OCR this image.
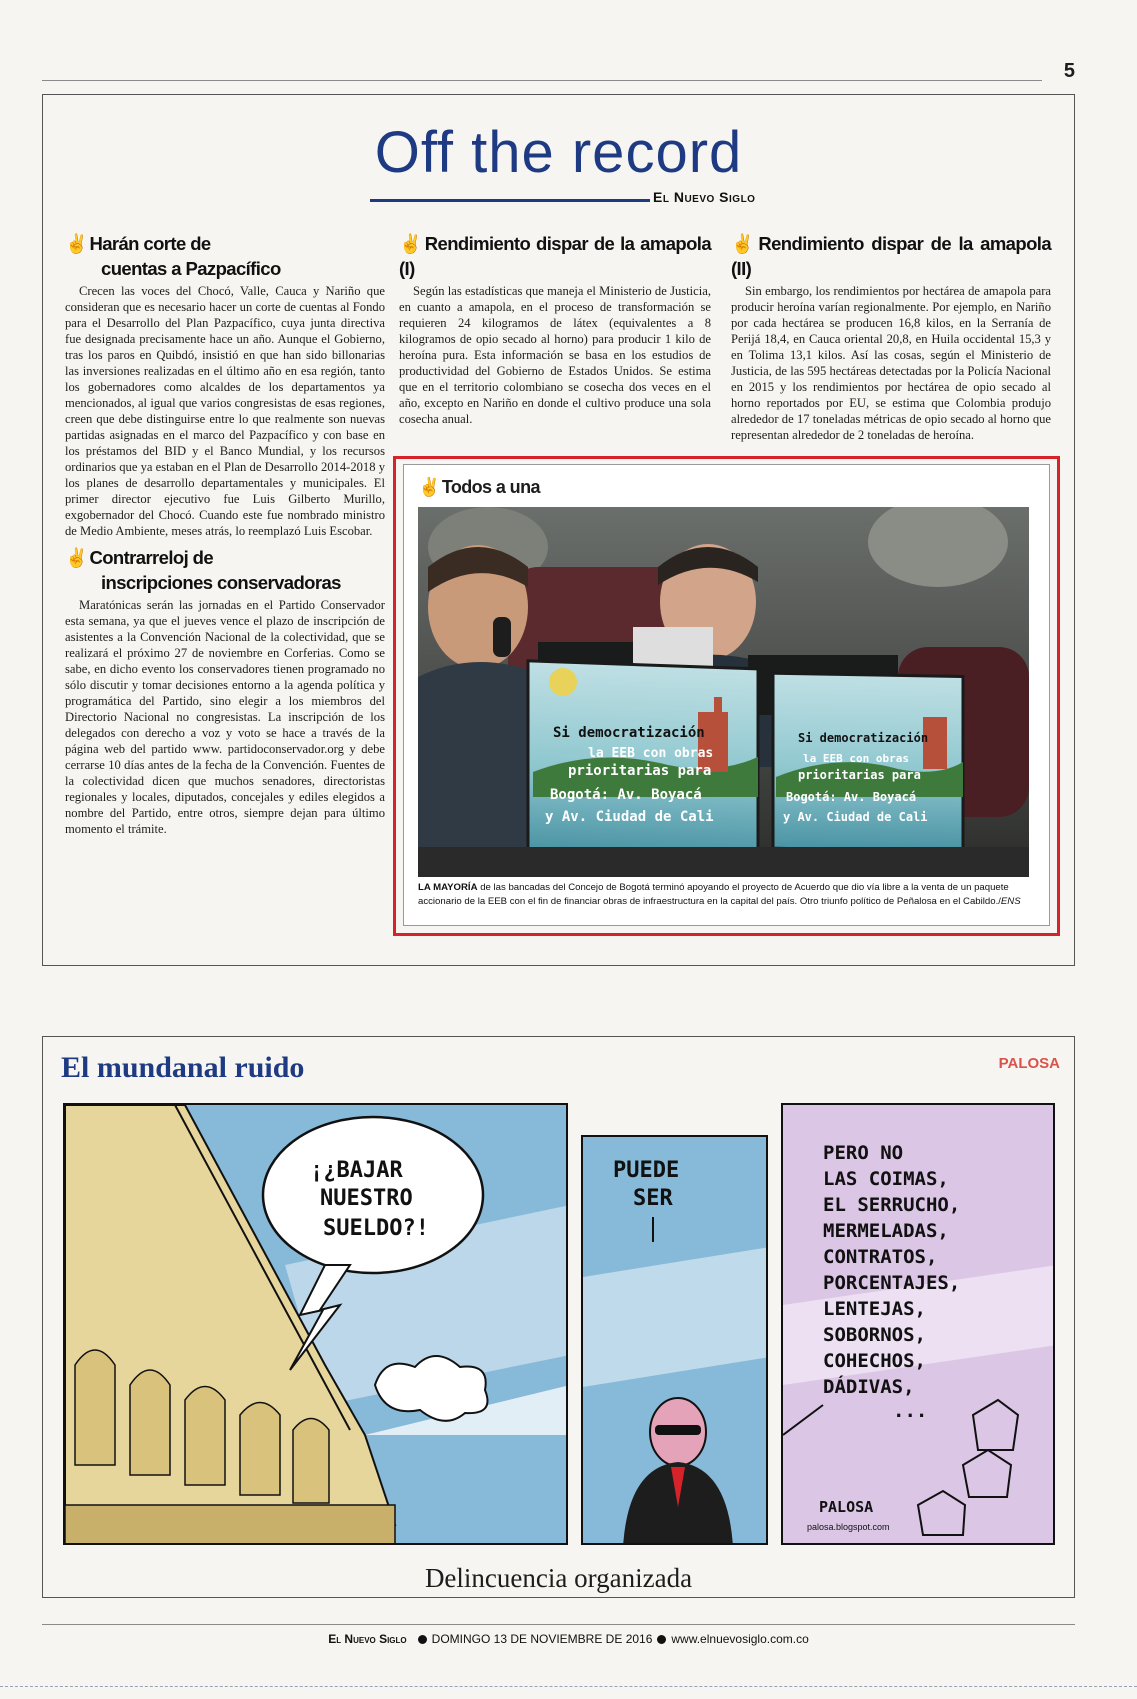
5
Off the record
El Nuevo Siglo
✌ Harán corte de
cuentas a Pazpacífico

Crecen las voces del Chocó, Valle, Cauca y Nariño que consideran que es necesario hacer un corte de cuentas al Fondo para el Desarrollo del Plan Pazpacífico, cuya junta directiva fue designada precisamente hace un año. Aunque el Gobierno, tras los paros en Quibdó, insistió en que han sido billonarias las inversiones realizadas en el último año en esa región, tanto los gobernadores como alcaldes de los departamentos ya mencionados, al igual que varios congresistas de esas regiones, creen que debe distinguirse entre lo que realmente son nuevas partidas asignadas en el marco del Pazpacífico y con base en los préstamos del BID y el Banco Mundial, y los recursos ordinarios que ya estaban en el Plan de Desarrollo 2014-2018 y los planes de desarrollo departamentales y municipales. El primer director ejecutivo fue Luis Gilberto Murillo, exgobernador del Chocó. Cuando este fue nombrado ministro de Medio Ambiente, meses atrás, lo reemplazó Luis Escobar.

✌ Contrarreloj de
inscripciones conservadoras

Maratónicas serán las jornadas en el Partido Conservador esta semana, ya que el jueves vence el plazo de inscripción de asistentes a la Convención Nacional de la colectividad, que se realizará el próximo 27 de noviembre en Corferias. Como se sabe, en dicho evento los conservadores tienen programado no sólo discutir y tomar decisiones entorno a la agenda política y programática del Partido, sino elegir a los miembros del Directorio Nacional no congresistas. La inscripción de los delegados con derecho a voz y voto se hace a través de la página web del partido www. partidoconservador.org y debe cerrarse 10 días antes de la fecha de la Convención. Fuentes de la colectividad dicen que muchos senadores, directoristas regionales y locales, diputados, concejales y ediles elegidos a nombre del Partido, entre otros, siempre dejan para último momento el trámite.

✌ Rendimiento dispar de la amapola (I)

Según las estadísticas que maneja el Ministerio de Justicia, en cuanto a amapola, en el proceso de transformación se requieren 24 kilogramos de látex (equivalentes a 8 kilogramos de opio secado al horno) para producir 1 kilo de heroína pura. Esta información se basa en los estudios de productividad del Gobierno de Estados Unidos. Se estima que en el territorio colombiano se cosecha dos veces en el año, excepto en Nariño en donde el cultivo produce una sola cosecha anual.

✌ Rendimiento dispar de la amapola (II)

Sin embargo, los rendimientos por hectárea de amapola para producir heroína varían regionalmente. Por ejemplo, en Nariño por cada hectárea se producen 16,8 kilos, en la Serranía de Perijá 18,4, en Cauca oriental 20,8, en Huila occidental 15,3 y en Tolima 13,1 kilos. Así las cosas, según el Ministerio de Justicia, de las 595 hectáreas detectadas por la Policía Nacional en 2015 y los rendimientos por hectárea de opio secado al horno reportados por EU, se estima que Colombia produjo alrededor de 17 toneladas métricas de opio secado al horno que representan alrededor de 2 toneladas de heroína.

✌ Todos a una
Si democratización
la EEB con obras
prioritarias para
Bogotá: Av. Boyacá
y Av. Ciudad de Cali
Si democratización
la EEB con obras
prioritarias para
Bogotá: Av. Boyacá
y Av. Ciudad de Cali
LA MAYORÍA de las bancadas del Concejo de Bogotá terminó apoyando el proyecto de Acuerdo que dio vía libre a la venta de un paquete accionario de la EEB con el fin de financiar obras de infraestructura en la capital del país. Otro triunfo político de Peñalosa en el Cabildo./ENS
El mundanal ruido	PALOSA
¡¿BAJAR
NUESTRO
SUELDO?!
PUEDE
SER
PERO NO
LAS COIMAS,
EL SERRUCHO,
MERMELADAS,
CONTRATOS,
PORCENTAJES,
LENTEJAS,
SOBORNOS,
COHECHOS,
DÁDIVAS,
...
PALOSA
palosa.blogspot.com
Delincuencia organizada
El Nuevo Siglo DOMINGO 13 DE NOVIEMBRE DE 2016 www.elnuevosiglo.com.co
